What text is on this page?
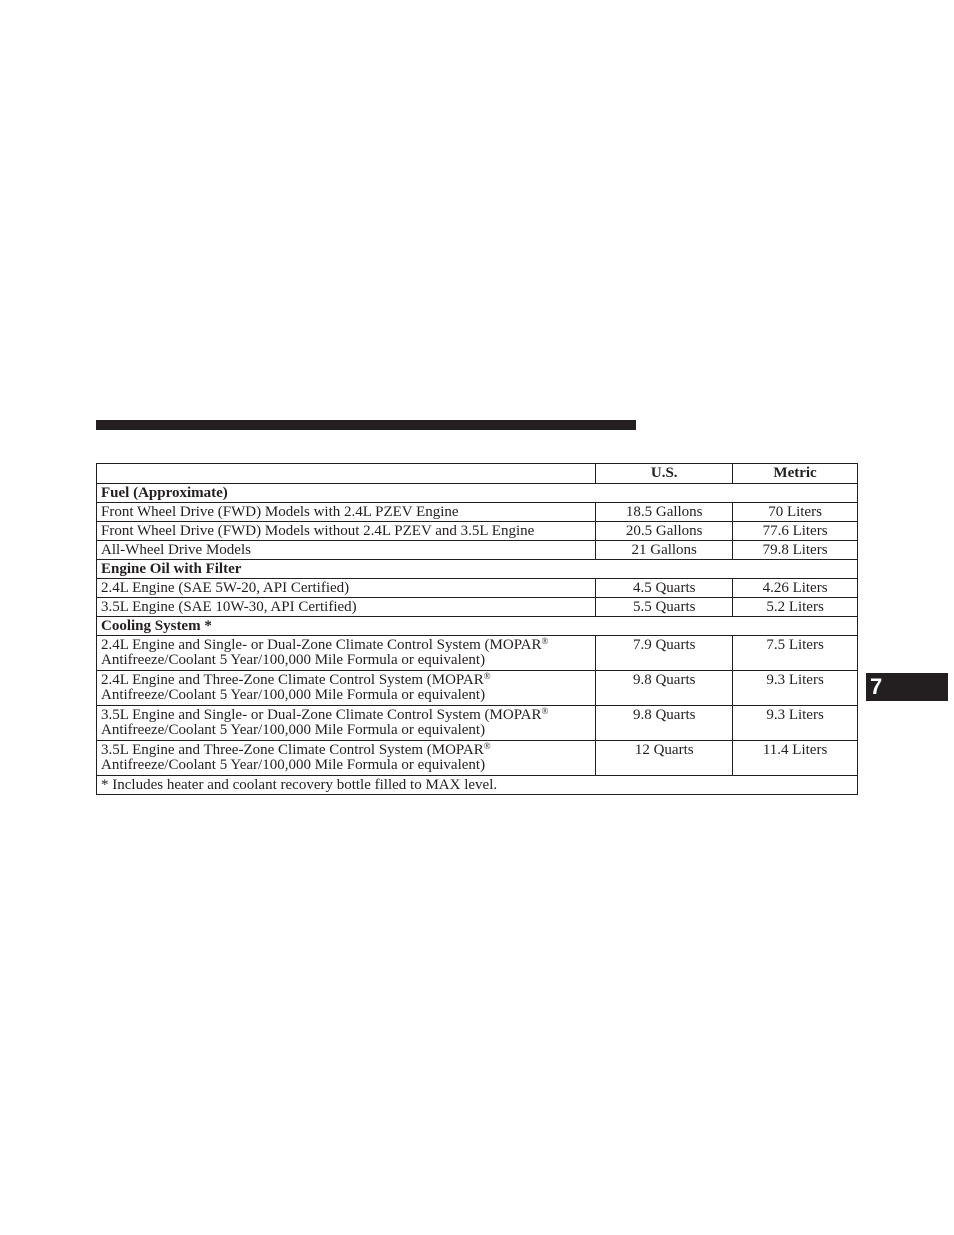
	U.S.	Metric
Fuel (Approximate)		
Front Wheel Drive (FWD) Models with 2.4L PZEV Engine	18.5 Gallons	70 Liters
Front Wheel Drive (FWD) Models without 2.4L PZEV and 3.5L Engine	20.5 Gallons	77.6 Liters
All-Wheel Drive Models	21 Gallons	79.8 Liters
Engine Oil with Filter		
2.4L Engine (SAE 5W-20, API Certified)	4.5 Quarts	4.26 Liters
3.5L Engine (SAE 10W-30, API Certified)	5.5 Quarts	5.2 Liters
Cooling System *		
2.4L Engine and Single- or Dual-Zone Climate Control System (MOPAR®
Antifreeze/Coolant 5 Year/100,000 Mile Formula or equivalent)	7.9 Quarts	7.5 Liters
2.4L Engine and Three-Zone Climate Control System (MOPAR®
Antifreeze/Coolant 5 Year/100,000 Mile Formula or equivalent)	9.8 Quarts	9.3 Liters
3.5L Engine and Single- or Dual-Zone Climate Control System (MOPAR®
Antifreeze/Coolant 5 Year/100,000 Mile Formula or equivalent)	9.8 Quarts	9.3 Liters
3.5L Engine and Three-Zone Climate Control System (MOPAR®
Antifreeze/Coolant 5 Year/100,000 Mile Formula or equivalent)	12 Quarts	11.4 Liters
* Includes heater and coolant recovery bottle filled to MAX level.		
7
